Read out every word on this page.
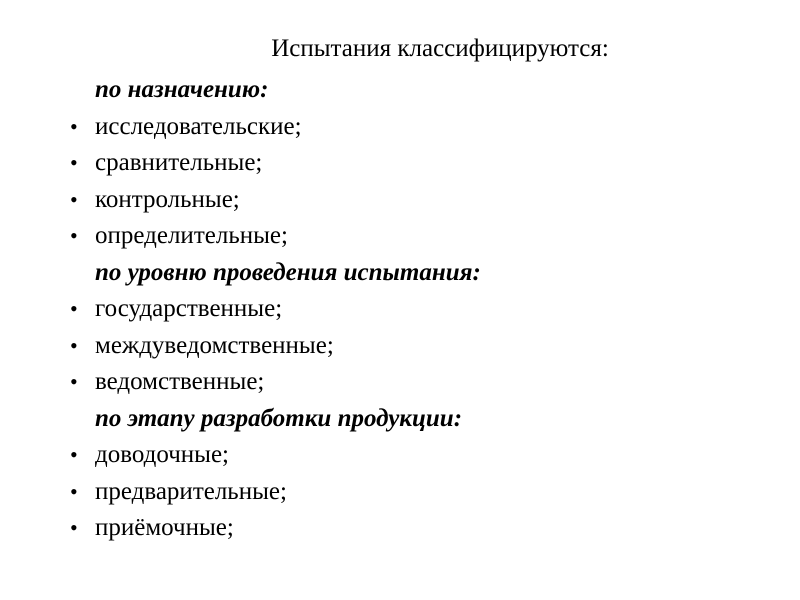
Испытания классифицируются:
по назначению:
• исследовательские;
• сравнительные;
• контрольные;
• определительные;
по уровню проведения испытания:
• государственные;
• междуведомственные;
• ведомственные;
по этапу разработки продукции:
• доводочные;
• предварительные;
• приёмочные;
